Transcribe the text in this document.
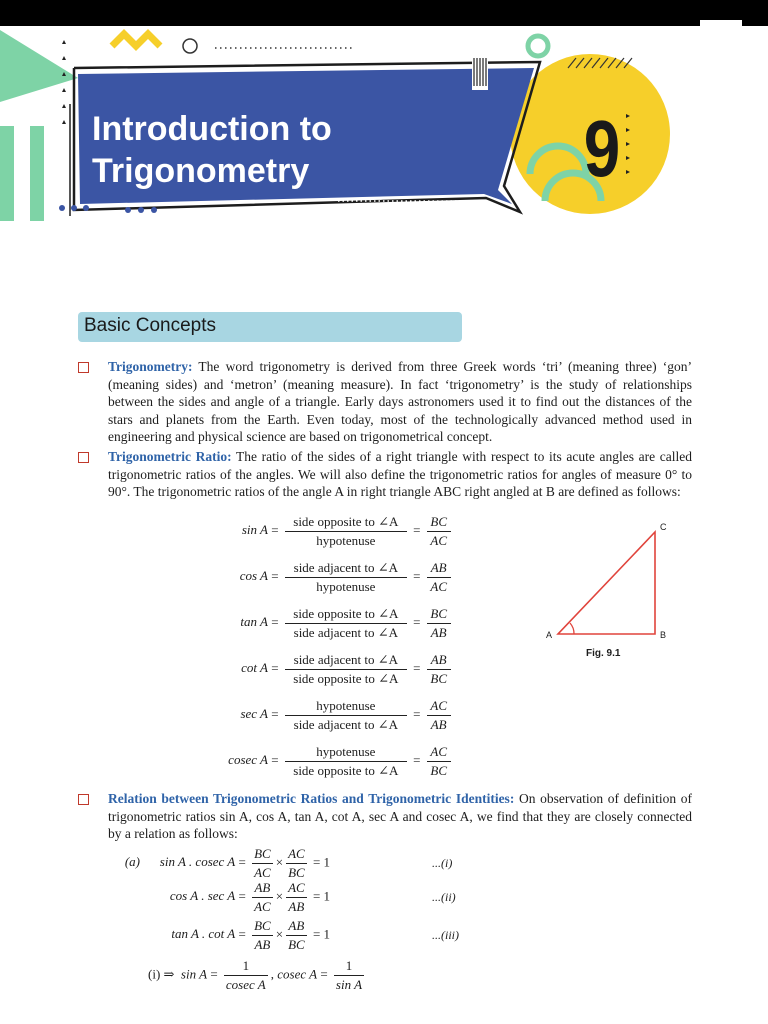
Introduction to
Trigonometry	9
Basic Concepts
Trigonometry: The word trigonometry is derived from three Greek words ‘tri’ (meaning three) ‘gon’ (meaning sides) and ‘metron’ (meaning measure). In fact ‘trigonometry’ is the study of relationships between the sides and angle of a triangle. Early days astronomers used it to find out the distances of the stars and planets from the Earth. Even today, most of the technologically advanced method used in engineering and physical science are based on trigonometrical concept.
Trigonometric Ratio: The ratio of the sides of a right triangle with respect to its acute angles are called trigonometric ratios of the angles. We will also define the trigonometric ratios for angles of measure 0° to 90°. The trigonometric ratios of the angle A in right triangle ABC right angled at B are defined as follows:
sin A =
side opposite to ∠A
hypotenuse
= $\frac{BC}{AC}$
cos A =
side adjacent to ∠A
hypotenuse
= $\frac{AB}{AC}$
tan A =
side opposite to ∠A
side adjacent to ∠A
= $\frac{BC}{AB}$
cot A =
side adjacent to ∠A
side opposite to ∠A
= $\frac{AB}{BC}$
sec A =
hypotenuse
side adjacent to ∠A
= $\frac{AC}{AB}$
cosec A =
hypotenuse
side opposite to ∠A
= $\frac{AC}{BC}$
A	B
C
Fig. 9.1
Relation between Trigonometric Ratios and Trigonometric Identities: On observation of definition of trigonometric ratios sin A, cos A, tan A, cot A, sec A and cosec A, we find that they are closely connected by a relation as follows:
(a) sin A . cosec $A = \frac{BC}{AC} \times \frac{AC}{BC} = 1$	...(i)
cos A . $\sec A = \frac{AB}{AC} \times \frac{AC}{AB} = 1$	...(ii)
tan A . $\cot A = \frac{BC}{AB} \times \frac{AB}{BC} = 1$	...(iii)
(i) ⇒ $\sin A = \frac{1}{\text{cosec A}}$ , cosec $A = \frac{1}{\text{sin A}}$
